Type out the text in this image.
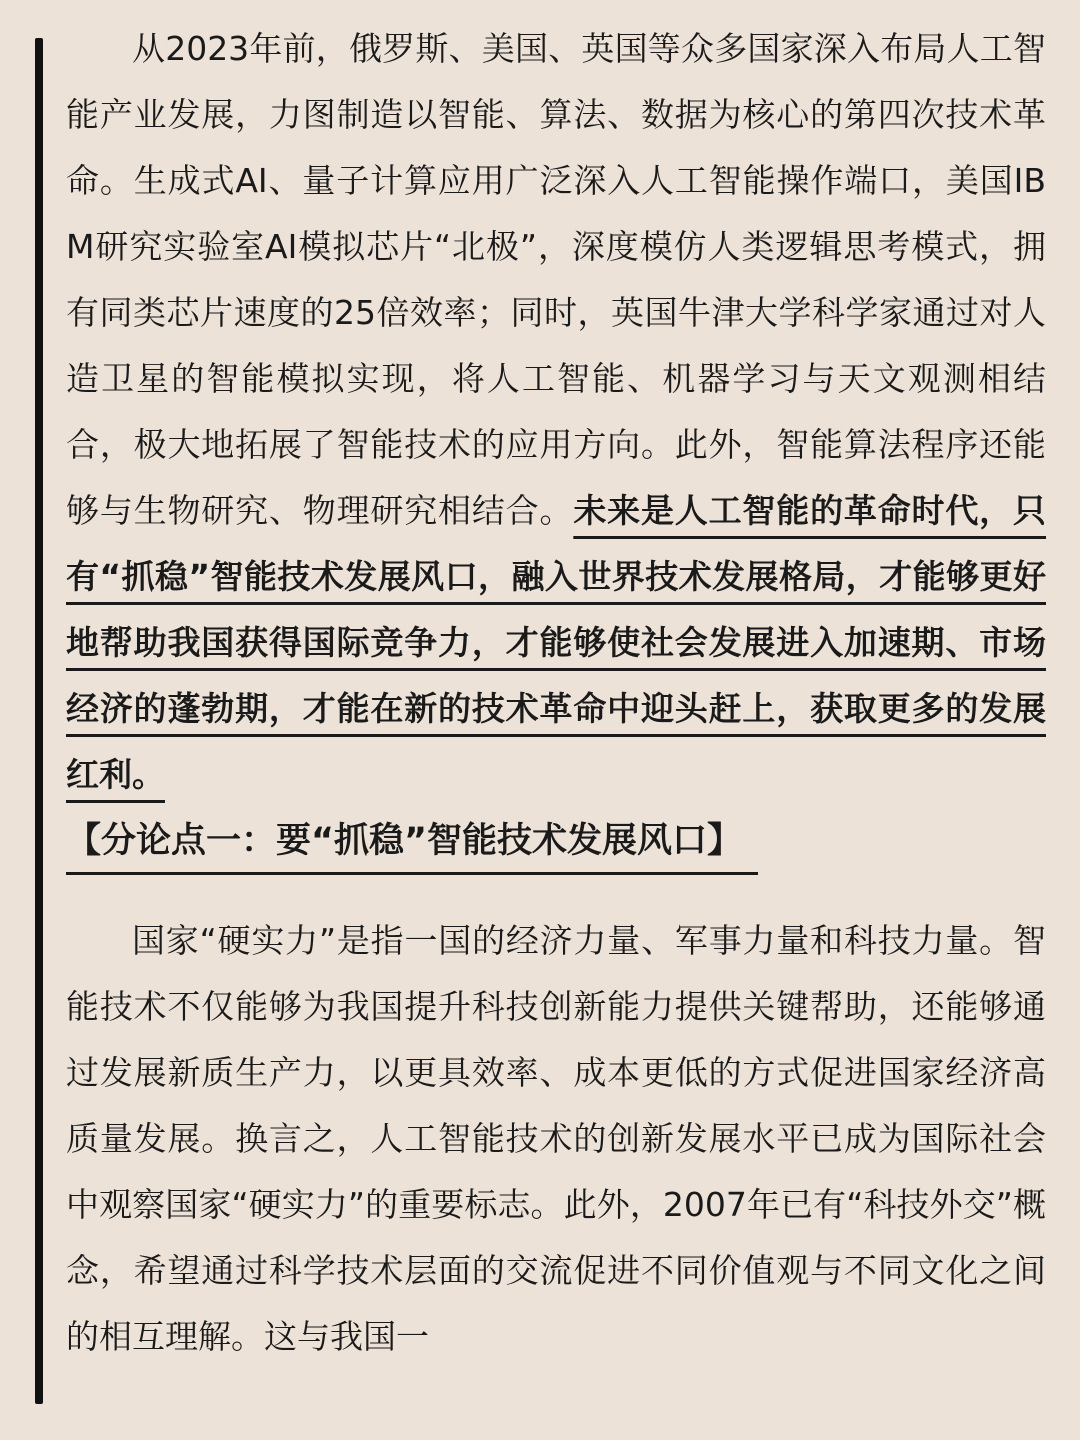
从2023年前，俄罗斯、美国、英国等众多国家深入布局人工智能产业发展，力图制造以智能、算法、数据为核心的第四次技术革命。生成式AI、量子计算应用广泛深入人工智能操作端口，美国IBM研究实验室AI模拟芯片“北极”，深度模仿人类逻辑思考模式，拥有同类芯片速度的25倍效率；同时，英国牛津大学科学家通过对人造卫星的智能模拟实现，将人工智能、机器学习与天文观测相结合，极大地拓展了智能技术的应用方向。此外，智能算法程序还能够与生物研究、物理研究相结合。未来是人工智能的革命时代，只有“抓稳”智能技术发展风口，融入世界技术发展格局，才能够更好地帮助我国获得国际竞争力，才能够使社会发展进入加速期、市场经济的蓬勃期，才能在新的技术革命中迎头赶上，获取更多的发展红利。

【分论点一：要“抓稳”智能技术发展风口】

国家“硬实力”是指一国的经济力量、军事力量和科技力量。智能技术不仅能够为我国提升科技创新能力提供关键帮助，还能够通过发展新质生产力，以更具效率、成本更低的方式促进国家经济高质量发展。换言之，人工智能技术的创新发展水平已成为国际社会中观察国家“硬实力”的重要标志。此外，2007年已有“科技外交”概念，希望通过科学技术层面的交流促进不同价值观与不同文化之间的相互理解。这与我国一
